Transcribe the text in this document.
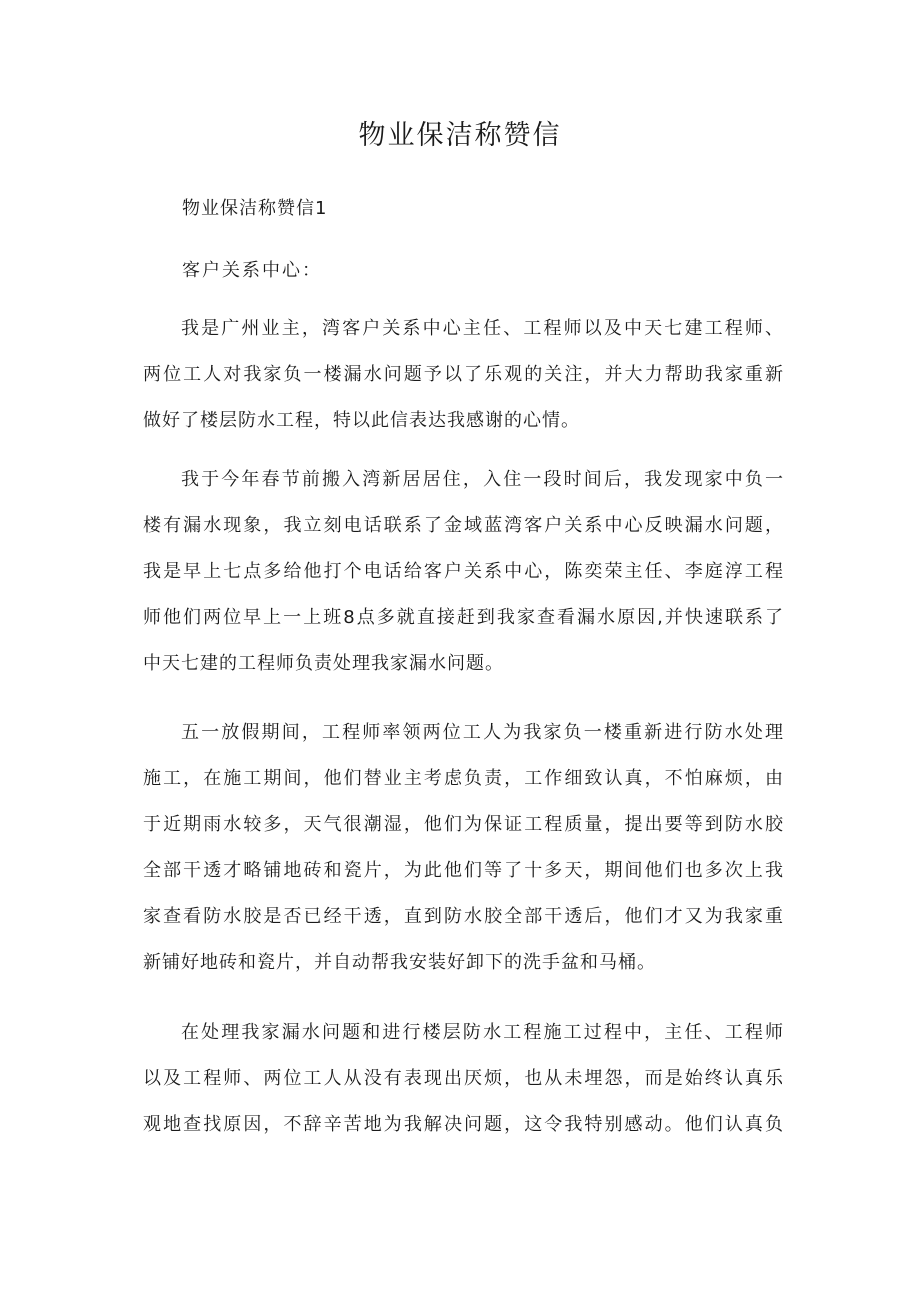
物业保洁称赞信

物业保洁称赞信1

客户关系中心：

我是广州业主，湾客户关系中心主任、工程师以及中天七建工程师、
两位工人对我家负一楼漏水问题予以了乐观的关注，并大力帮助我家重新
做好了楼层防水工程，特以此信表达我感谢的心情。
我于今年春节前搬入湾新居居住，入住一段时间后，我发现家中负一
楼有漏水现象，我立刻电话联系了金域蓝湾客户关系中心反映漏水问题，
我是早上七点多给他打个电话给客户关系中心，陈奕荣主任、李庭淳工程
师他们两位早上一上班8点多就直接赶到我家查看漏水原因,并快速联系了
中天七建的工程师负责处理我家漏水问题。
五一放假期间，工程师率领两位工人为我家负一楼重新进行防水处理
施工，在施工期间，他们替业主考虑负责，工作细致认真，不怕麻烦，由
于近期雨水较多，天气很潮湿，他们为保证工程质量，提出要等到防水胶
全部干透才略铺地砖和瓷片，为此他们等了十多天，期间他们也多次上我
家查看防水胶是否已经干透，直到防水胶全部干透后，他们才又为我家重
新铺好地砖和瓷片，并自动帮我安装好卸下的洗手盆和马桶。
在处理我家漏水问题和进行楼层防水工程施工过程中，主任、工程师
以及工程师、两位工人从没有表现出厌烦，也从未埋怨，而是始终认真乐
观地查找原因，不辞辛苦地为我解决问题，这令我特别感动。他们认真负
